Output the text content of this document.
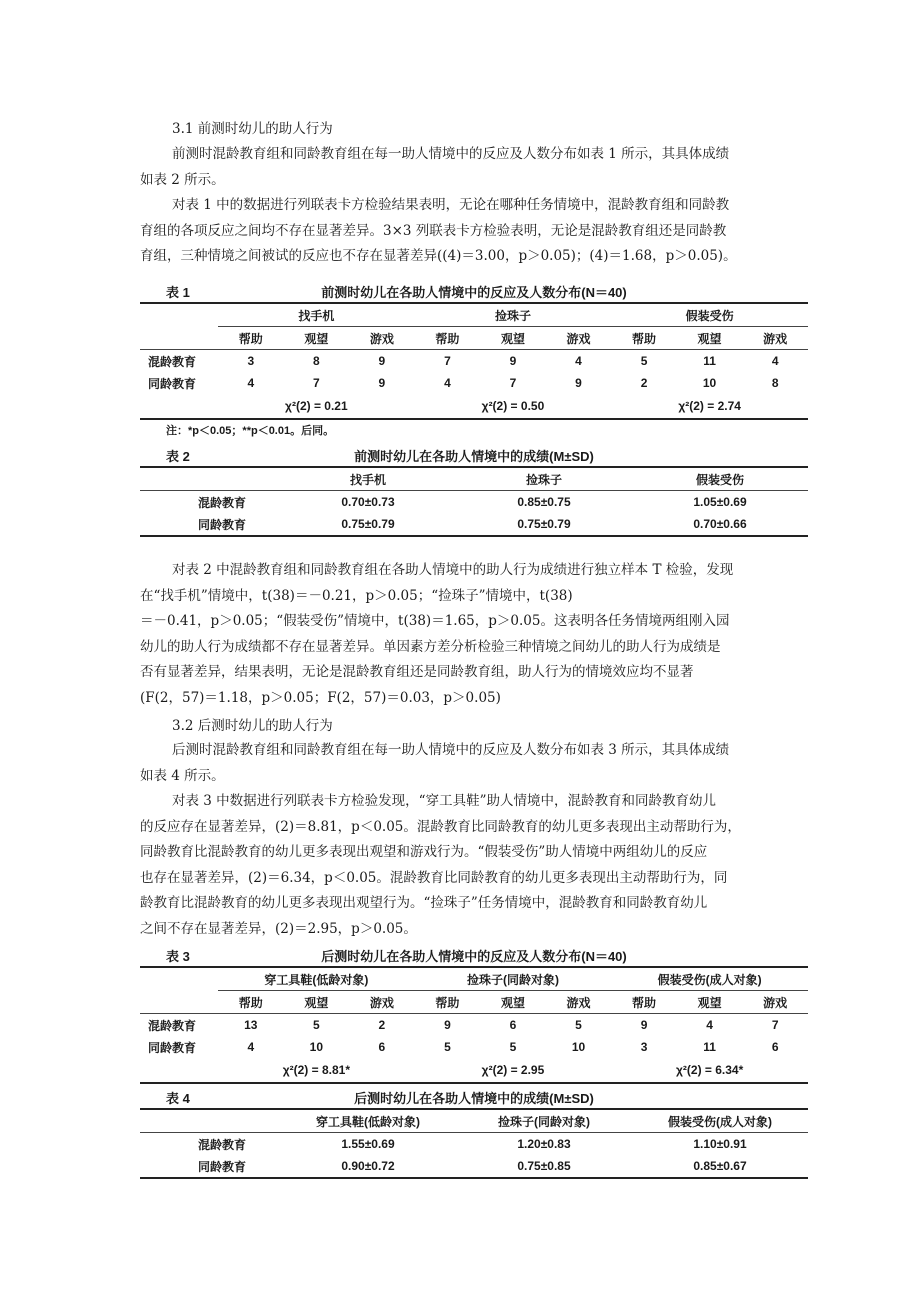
3.1 前测时幼儿的助人行为
前测时混龄教育组和同龄教育组在每一助人情境中的反应及人数分布如表 1 所示，其具体成绩
如表 2 所示。
对表 1 中的数据进行列联表卡方检验结果表明，无论在哪种任务情境中，混龄教育组和同龄教
育组的各项反应之间均不存在显著差异。3×3 列联表卡方检验表明，无论是混龄教育组还是同龄教
育组，三种情境之间被试的反应也不存在显著差异((4)＝3.00，p＞0.05)；(4)＝1.68，p＞0.05)。
表 1	前测时幼儿在各助人情境中的反应及人数分布(N＝40)
	找手机			捡珠子			假装受伤		
	帮助	观望	游戏	帮助	观望	游戏	帮助	观望	游戏
混龄教育	3	8	9	7	9	4	5	11	4
同龄教育	4	7	9	4	7	9	2	10	8
	χ²(2) = 0.21			χ²(2) = 0.50			χ²(2) = 2.74		
注：*p＜0.05；**p＜0.01。后同。
表 2	前测时幼儿在各助人情境中的成绩(M±SD)
	找手机	捡珠子	假装受伤
混龄教育	0.70±0.73	0.85±0.75	1.05±0.69
同龄教育	0.75±0.79	0.75±0.79	0.70±0.66
对表 2 中混龄教育组和同龄教育组在各助人情境中的助人行为成绩进行独立样本 T 检验，发现
在“找手机”情境中，t(38)＝－0.21，p＞0.05；“捡珠子”情境中，t(38)
＝－0.41，p＞0.05；“假装受伤”情境中，t(38)＝1.65，p＞0.05。这表明各任务情境两组刚入园
幼儿的助人行为成绩都不存在显著差异。单因素方差分析检验三种情境之间幼儿的助人行为成绩是
否有显著差异，结果表明，无论是混龄教育组还是同龄教育组，助人行为的情境效应均不显著
(F(2，57)＝1.18，p＞0.05；F(2，57)＝0.03，p＞0.05)
3.2 后测时幼儿的助人行为
后测时混龄教育组和同龄教育组在每一助人情境中的反应及人数分布如表 3 所示，其具体成绩
如表 4 所示。
对表 3 中数据进行列联表卡方检验发现，“穿工具鞋”助人情境中，混龄教育和同龄教育幼儿
的反应存在显著差异，(2)＝8.81，p＜0.05。混龄教育比同龄教育的幼儿更多表现出主动帮助行为，
同龄教育比混龄教育的幼儿更多表现出观望和游戏行为。“假装受伤”助人情境中两组幼儿的反应
也存在显著差异，(2)＝6.34，p＜0.05。混龄教育比同龄教育的幼儿更多表现出主动帮助行为，同
龄教育比混龄教育的幼儿更多表现出观望行为。“捡珠子”任务情境中，混龄教育和同龄教育幼儿
之间不存在显著差异，(2)＝2.95，p＞0.05。
表 3	后测时幼儿在各助人情境中的反应及人数分布(N＝40)
	穿工具鞋(低龄对象)			捡珠子(同龄对象)			假装受伤(成人对象)		
	帮助	观望	游戏	帮助	观望	游戏	帮助	观望	游戏
混龄教育	13	5	2	9	6	5	9	4	7
同龄教育	4	10	6	5	5	10	3	11	6
	χ²(2) = 8.81*			χ²(2) = 2.95			χ²(2) = 6.34*		
表 4	后测时幼儿在各助人情境中的成绩(M±SD)
	穿工具鞋(低龄对象)	捡珠子(同龄对象)	假装受伤(成人对象)
混龄教育	1.55±0.69	1.20±0.83	1.10±0.91
同龄教育	0.90±0.72	0.75±0.85	0.85±0.67
